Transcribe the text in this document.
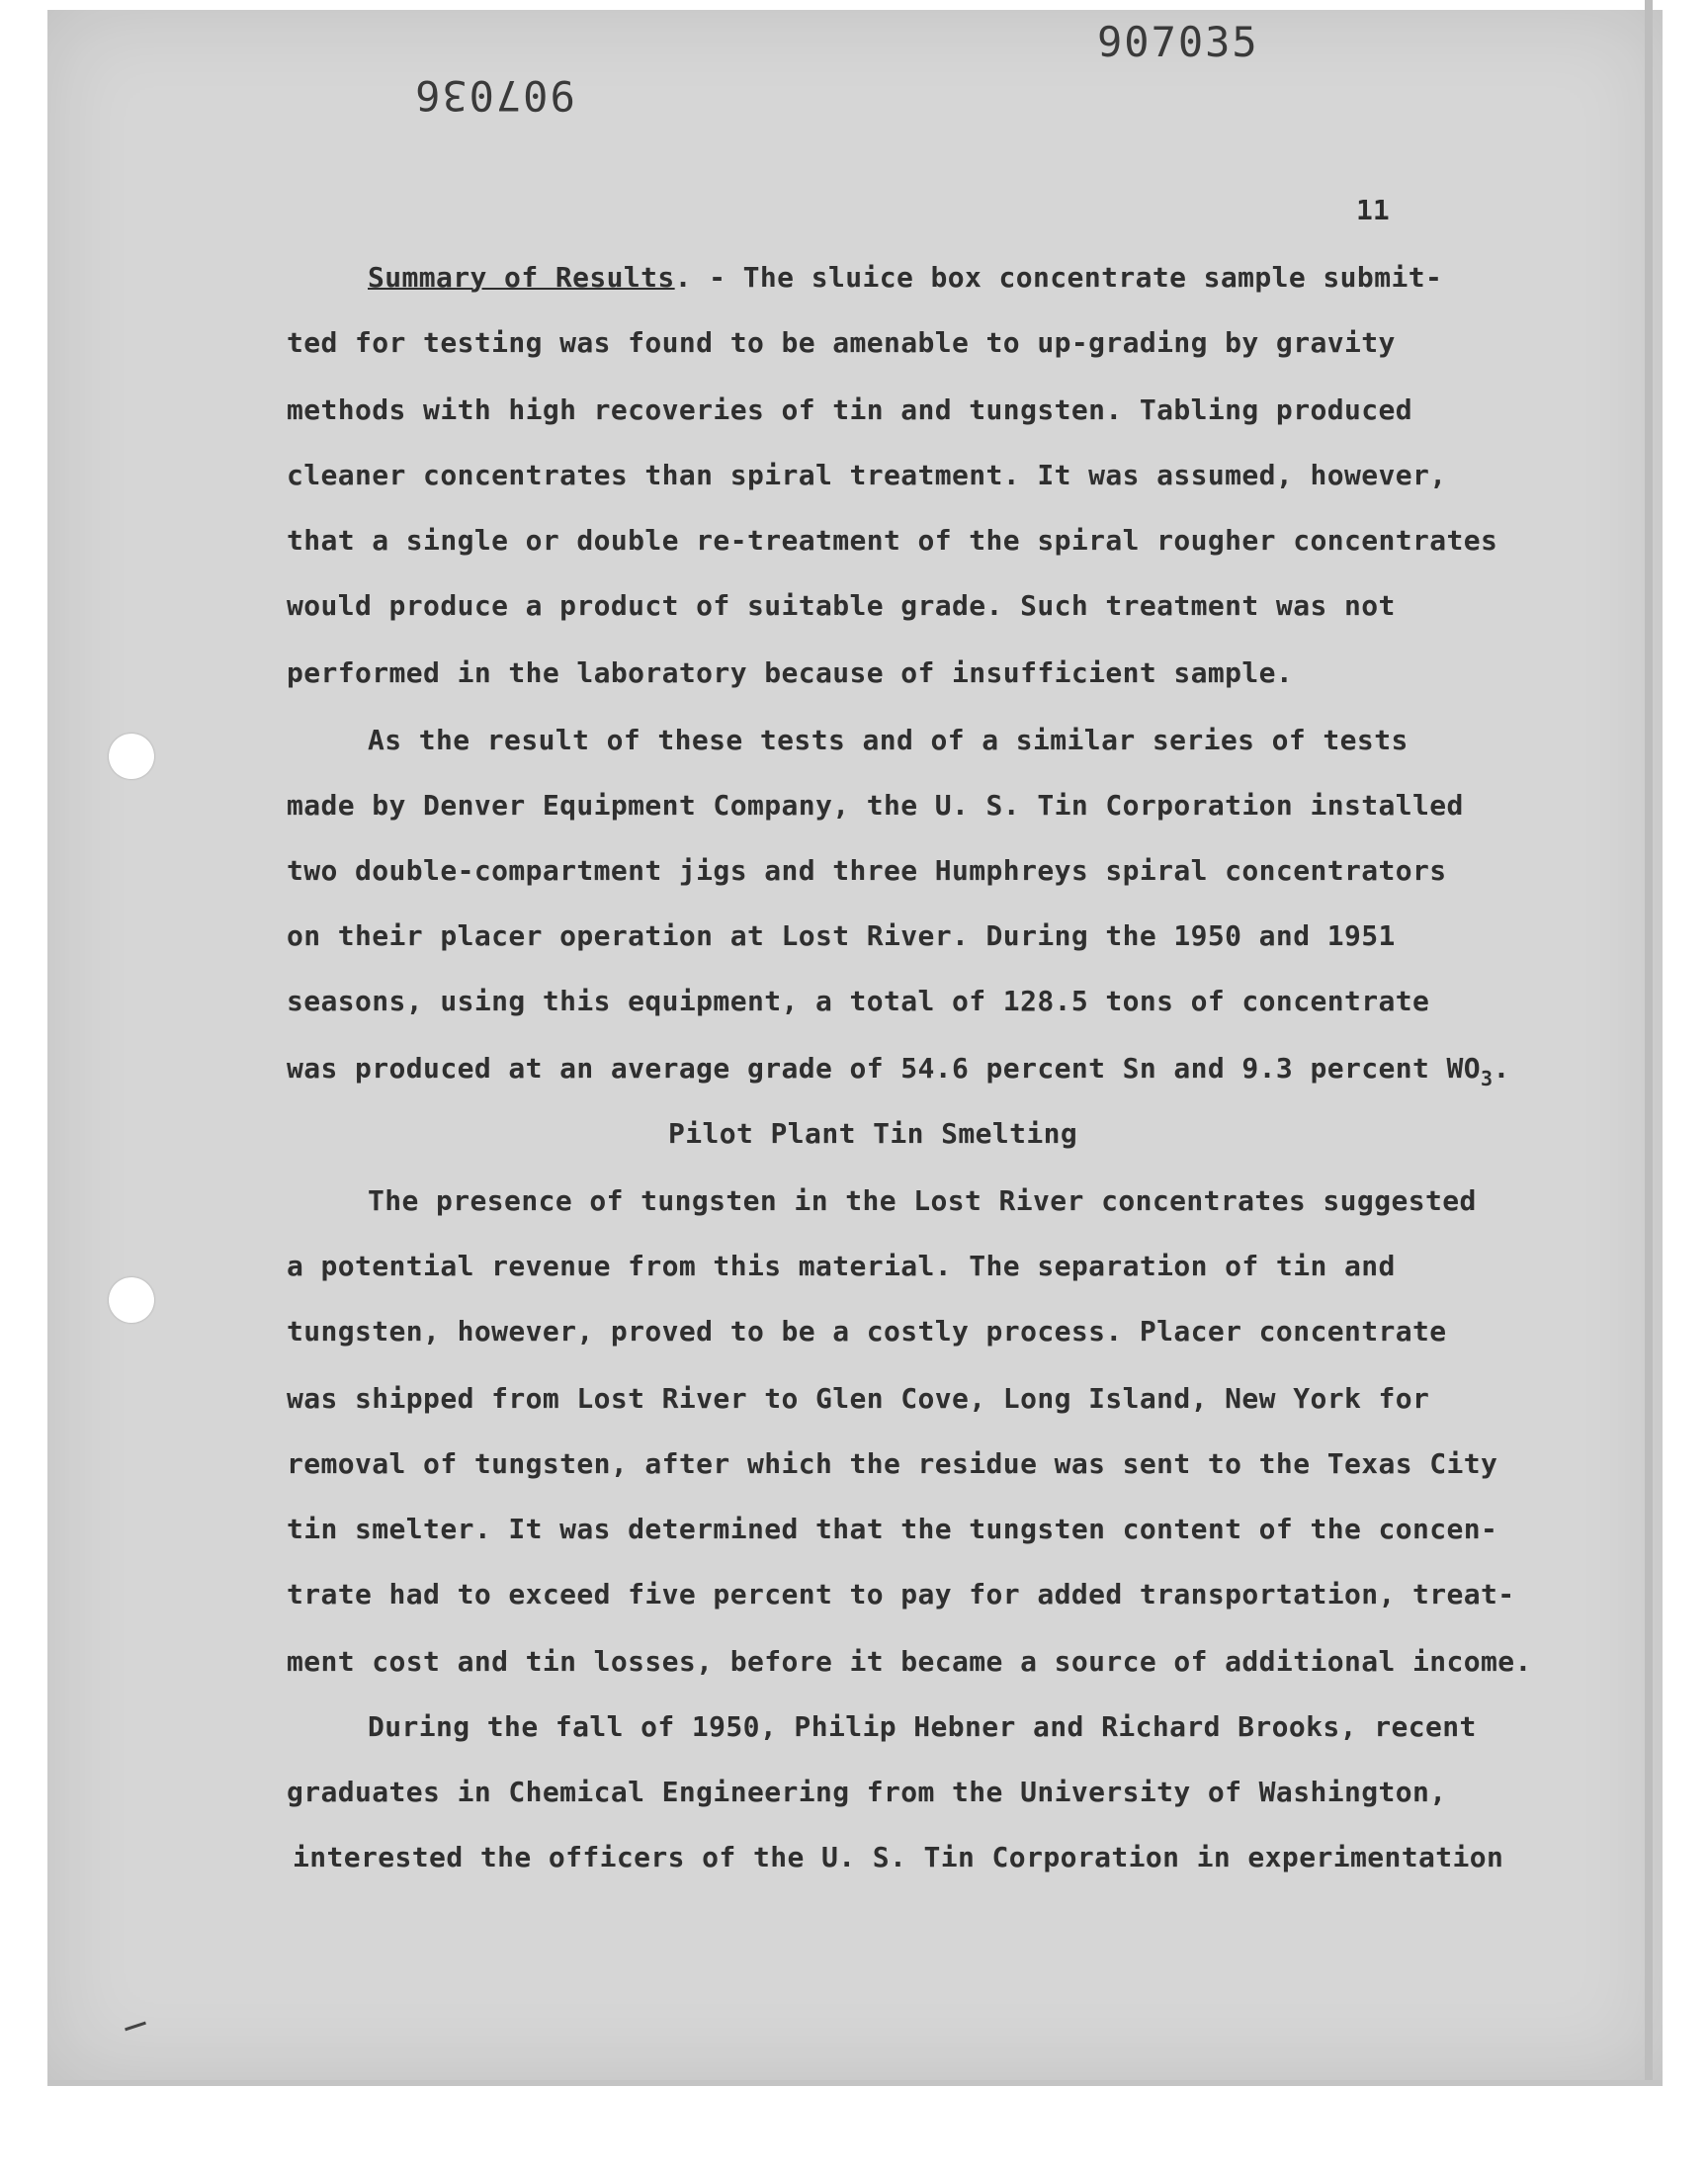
907035
907036
11
Summary of Results. - The sluice box concentrate sample submit-
ted for testing was found to be amenable to up-grading by gravity
methods with high recoveries of tin and tungsten. Tabling produced
cleaner concentrates than spiral treatment. It was assumed, however,
that a single or double re-treatment of the spiral rougher concentrates
would produce a product of suitable grade. Such treatment was not
performed in the laboratory because of insufficient sample.
As the result of these tests and of a similar series of tests
made by Denver Equipment Company, the U. S. Tin Corporation installed
two double-compartment jigs and three Humphreys spiral concentrators
on their placer operation at Lost River. During the 1950 and 1951
seasons, using this equipment, a total of 128.5 tons of concentrate
was produced at an average grade of 54.6 percent Sn and 9.3 percent $WO_3$.
Pilot Plant Tin Smelting
The presence of tungsten in the Lost River concentrates suggested
a potential revenue from this material. The separation of tin and
tungsten, however, proved to be a costly process. Placer concentrate
was shipped from Lost River to Glen Cove, Long Island, New York for
removal of tungsten, after which the residue was sent to the Texas City
tin smelter. It was determined that the tungsten content of the concen-
trate had to exceed five percent to pay for added transportation, treat-
ment cost and tin losses, before it became a source of additional income.
During the fall of 1950, Philip Hebner and Richard Brooks, recent
graduates in Chemical Engineering from the University of Washington,
interested the officers of the U. S. Tin Corporation in experimentation
